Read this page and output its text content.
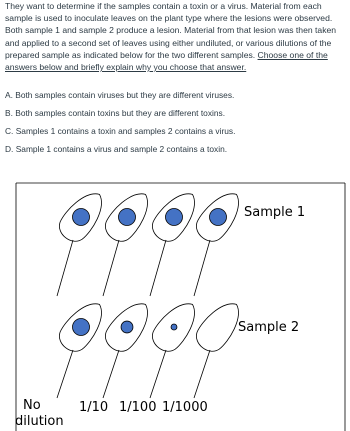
They want to determine if the samples contain a toxin or a virus. Material from each sample is used to inoculate leaves on the plant type where the lesions were observed. Both sample 1 and sample 2 produce a lesion. Material from that lesion was then taken and applied to a second set of leaves using either undiluted, or various dilutions of the prepared sample as indicated below for the two different samples. Choose one of the answers below and briefly explain why you choose that answer.

A. Both samples contain viruses but they are different viruses.
B. Both samples contain toxins but they are different toxins.
C. Samples 1 contains a toxin and samples 2 contains a virus.
D. Sample 1 contains a virus and sample 2 contains a toxin.
Sample 1
Sample 2
No
dilution
1/10 1/100 1/1000
